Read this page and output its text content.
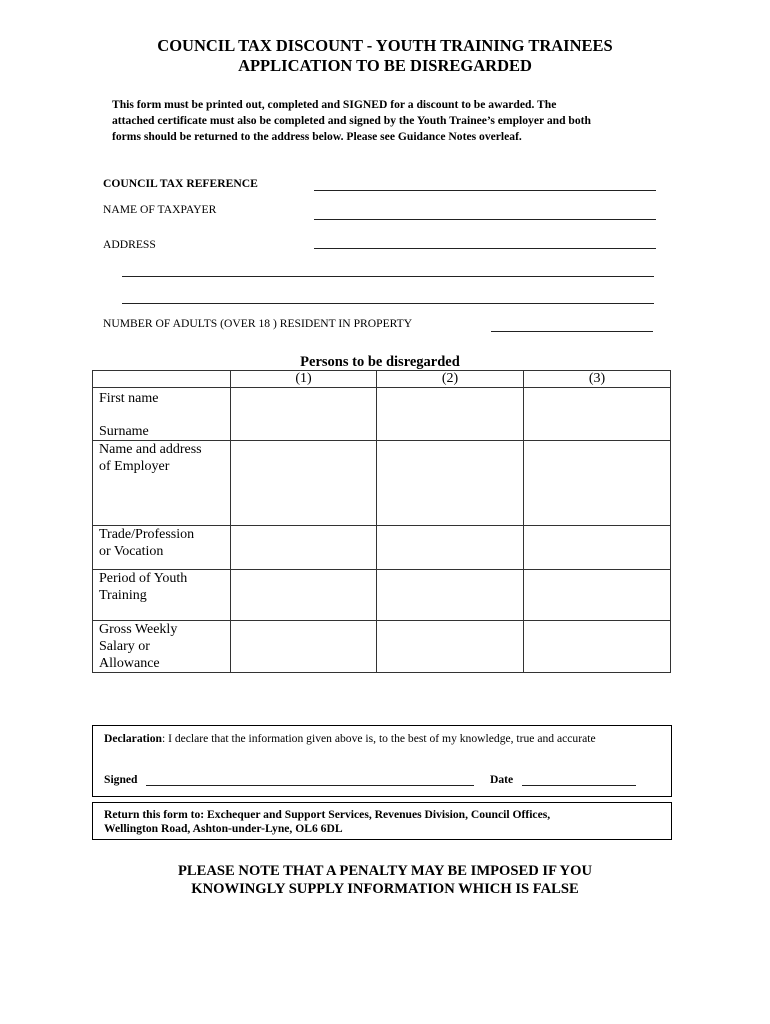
COUNCIL TAX DISCOUNT - YOUTH TRAINING TRAINEES
APPLICATION TO BE DISREGARDED
This form must be printed out, completed and SIGNED for a discount to be awarded. The
attached certificate must also be completed and signed by the Youth Trainee’s employer and both
forms should be returned to the address below. Please see Guidance Notes overleaf.
COUNCIL TAX REFERENCE
NAME OF TAXPAYER
ADDRESS
NUMBER OF ADULTS (OVER 18 ) RESIDENT IN PROPERTY
Persons to be disregarded
	(1)	(2)	(3)

First name
Surname			

Name and address
of Employer			

Trade/Profession
or Vocation			

Period of Youth
Training			

Gross Weekly
Salary or
Allowance			

Declaration: I declare that the information given above is, to the best of my knowledge, true and accurate
Signed	Date
Return this form to: Exchequer and Support Services, Revenues Division, Council Offices,
Wellington Road, Ashton-under-Lyne, OL6 6DL
PLEASE NOTE THAT A PENALTY MAY BE IMPOSED IF YOU
KNOWINGLY SUPPLY INFORMATION WHICH IS FALSE
